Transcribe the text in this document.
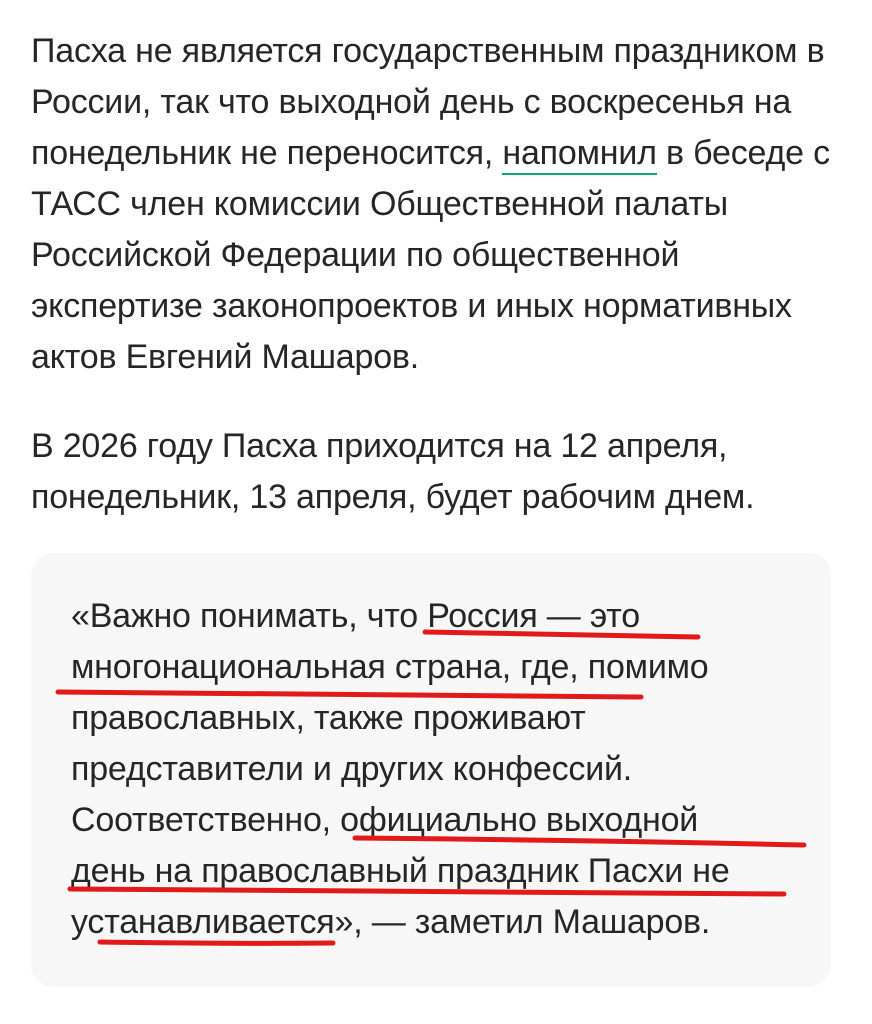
Пасха не является государственным праздником в России, так что выходной день с воскресенья на понедельник не переносится, напомнил в беседе с ТАСС член комиссии Общественной палаты Российской Федерации по общественной экспертизе законопроектов и иных нормативных актов Евгений Машаров.

В 2026 году Пасха приходится на 12 апреля, понедельник, 13 апреля, будет рабочим днем.

«Важно понимать, что Россия — это
многонациональная страна, где, помимо
православных, также проживают
представители и других конфессий.
Соответственно, официально выходной
день на православный праздник Пасхи не
устанавливается», — заметил Машаров.
